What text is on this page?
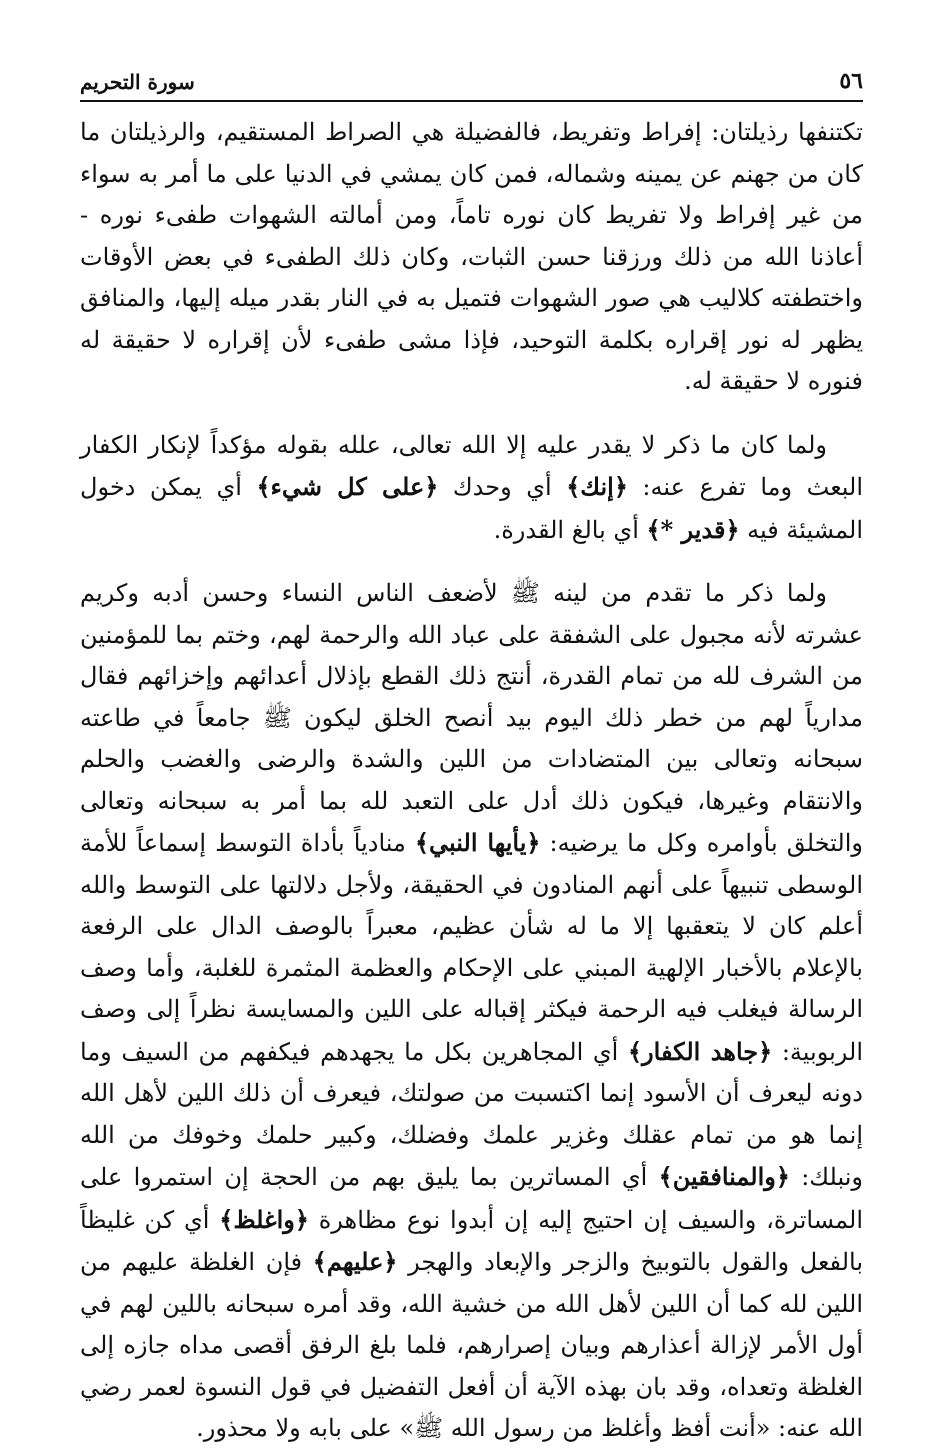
٥٦
سورة التحريم

تكتنفها رذيلتان: إفراط وتفريط، فالفضيلة هي الصراط المستقيم، والرذيلتان ما كان من جهنم عن يمينه وشماله، فمن كان يمشي في الدنيا على ما أمر به سواء من غير إفراط ولا تفريط كان نوره تاماً، ومن أمالته الشهوات طفىء نوره - أعاذنا الله من ذلك ورزقنا حسن الثبات، وكان ذلك الطفىء في بعض الأوقات واختطفته كلاليب هي صور الشهوات فتميل به في النار بقدر ميله إليها، والمنافق يظهر له نور إقراره بكلمة التوحيد، فإذا مشى طفىء لأن إقراره لا حقيقة له فنوره لا حقيقة له.

ولما كان ما ذكر لا يقدر عليه إلا الله تعالى، علله بقوله مؤكداً لإنكار الكفار البعث وما تفرع عنه: ﴿إنك﴾ أي وحدك ﴿على كل شيء﴾ أي يمكن دخول المشيئة فيه ﴿قدير *﴾ أي بالغ القدرة.

ولما ذكر ما تقدم من لينه ﷺ لأضعف الناس النساء وحسن أدبه وكريم عشرته لأنه مجبول على الشفقة على عباد الله والرحمة لهم، وختم بما للمؤمنين من الشرف لله من تمام القدرة، أنتج ذلك القطع بإذلال أعدائهم وإخزائهم فقال مدارياً لهم من خطر ذلك اليوم بيد أنصح الخلق ليكون ﷺ جامعاً في طاعته سبحانه وتعالى بين المتضادات من اللين والشدة والرضى والغضب والحلم والانتقام وغيرها، فيكون ذلك أدل على التعبد لله بما أمر به سبحانه وتعالى والتخلق بأوامره وكل ما يرضيه: ﴿يأيها النبي﴾ منادياً بأداة التوسط إسماعاً للأمة الوسطى تنبيهاً على أنهم المنادون في الحقيقة، ولأجل دلالتها على التوسط والله أعلم كان لا يتعقبها إلا ما له شأن عظيم، معبراً بالوصف الدال على الرفعة بالإعلام بالأخبار الإلهية المبني على الإحكام والعظمة المثمرة للغلبة، وأما وصف الرسالة فيغلب فيه الرحمة فيكثر إقباله على اللين والمسايسة نظراً إلى وصف الربوبية: ﴿جاهد الكفار﴾ أي المجاهرين بكل ما يجهدهم فيكفهم من السيف وما دونه ليعرف أن الأسود إنما اكتسبت من صولتك، فيعرف أن ذلك اللين لأهل الله إنما هو من تمام عقلك وغزير علمك وفضلك، وكبير حلمك وخوفك من الله ونبلك: ﴿والمنافقين﴾ أي المساترين بما يليق بهم من الحجة إن استمروا على المساترة، والسيف إن احتيج إليه إن أبدوا نوع مظاهرة ﴿واغلظ﴾ أي كن غليظاً بالفعل والقول بالتوبيخ والزجر والإبعاد والهجر ﴿عليهم﴾ فإن الغلظة عليهم من اللين لله كما أن اللين لأهل الله من خشية الله، وقد أمره سبحانه باللين لهم في أول الأمر لإزالة أعذارهم وبيان إصرارهم، فلما بلغ الرفق أقصى مداه جازه إلى الغلظة وتعداه، وقد بان بهذه الآية أن أفعل التفضيل في قول النسوة لعمر رضي الله عنه: «أنت أفظ وأغلظ من رسول الله ﷺ» على بابه ولا محذور.
